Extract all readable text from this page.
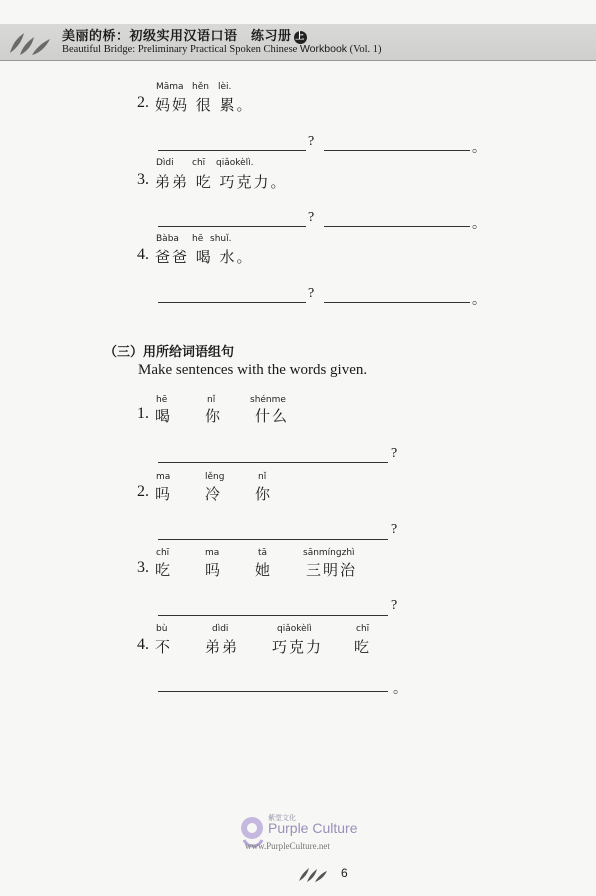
美丽的桥：初级实用汉语口语　练习册 上
Beautiful Bridge: Preliminary Practical Spoken Chinese Workbook (Vol. 1)
Māma hěn lèi.
2. 妈妈 很 累。
?	。
Dìdi chī qiǎokèlì.
3. 弟弟 吃 巧克力。
?	。
Bàba hē shuǐ.
4. 爸爸 喝 水。
?	。
（三）用所给词语组句
Make sentences with the words given.
hē	nǐ	shénme
1. 喝 你 什么
?
ma	lěng	nǐ
2. 吗 冷 你
?
chī	ma	tā	sānmíngzhì
3. 吃 吗 她 三明治
?
bù	dìdi	qiǎokèlì	chī
4. 不 弟弟 巧克力 吃
。
紫堂文化
Purple Culture
www.PurpleCulture.net
6
